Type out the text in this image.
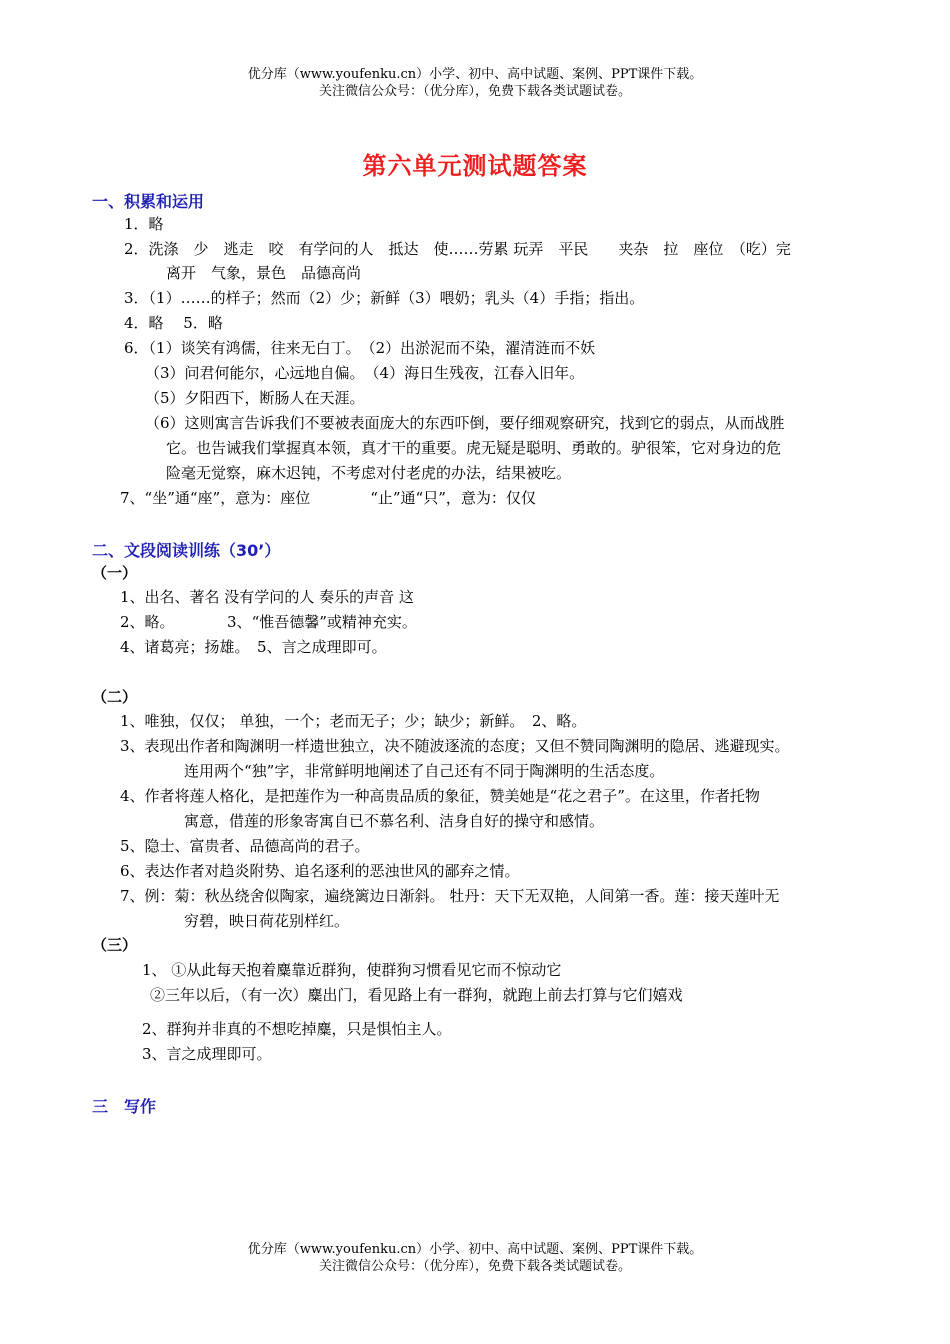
优分库（www.youfenku.cn）小学、初中、高中试题、案例、PPT课件下载。
关注微信公众号：（优分库），免费下载各类试题试卷。
第六单元测试题答案
一、积累和运用
1．略
2．洗涤　少　逃走　咬　有学问的人　抵达　使……劳累 玩弄　平民　　夹杂　拉　座位　（吃）完
离开　气象，景色　品德高尚
3．（1）……的样子；然而（2）少；新鲜（3）喂奶；乳头（4）手指；指出。
4．略　 5．略
6．（1）谈笑有鸿儒，往来无白丁。　（2）出淤泥而不染，濯清涟而不妖
（3）问君何能尔，心远地自偏。　（4）海日生残夜，江春入旧年。
（5）夕阳西下，断肠人在天涯。
（6）这则寓言告诉我们不要被表面庞大的东西吓倒，要仔细观察研究，找到它的弱点，从而战胜
它。也告诫我们掌握真本领，真才干的重要。虎无疑是聪明、勇敢的。驴很笨，它对身边的危
险毫无觉察，麻木迟钝，不考虑对付老虎的办法，结果被吃。
7、“坐”通“座”，意为：座位　　　　“止”通“只”，意为：仅仅
二、文段阅读训练（30’）
（一）
1、出名、著名 没有学问的人 奏乐的声音 这
2、略。　　　　3、“惟吾德馨”或精神充实。
4、诸葛亮；扬雄。　5、言之成理即可。
（二）
1、唯独，仅仅； 单独，一个；老而无子；少；缺少；新鲜。　2、略。
3、表现出作者和陶渊明一样遗世独立，决不随波逐流的态度；又但不赞同陶渊明的隐居、逃避现实。
连用两个“独”字，非常鲜明地阐述了自己还有不同于陶渊明的生活态度。
4、作者将莲人格化，是把莲作为一种高贵品质的象征，赞美她是“花之君子”。在这里，作者托物
寓意，借莲的形象寄寓自已不慕名利、洁身自好的操守和感情。
5、隐士、富贵者、品德高尚的君子。
6、表达作者对趋炎附势、追名逐利的恶浊世风的鄙弃之情。
7、例：菊：秋丛绕舍似陶家，遍绕篱边日渐斜。 牡丹：天下无双艳，人间第一香。莲：接天莲叶无
穷碧，映日荷花别样红。
（三）
1、 ①从此每天抱着麋靠近群狗，使群狗习惯看见它而不惊动它
②三年以后，（有一次）麋出门，看见路上有一群狗，就跑上前去打算与它们嬉戏
2、群狗并非真的不想吃掉麋，只是惧怕主人。
3、言之成理即可。
三　写作
优分库（www.youfenku.cn）小学、初中、高中试题、案例、PPT课件下载。
关注微信公众号：（优分库），免费下载各类试题试卷。
